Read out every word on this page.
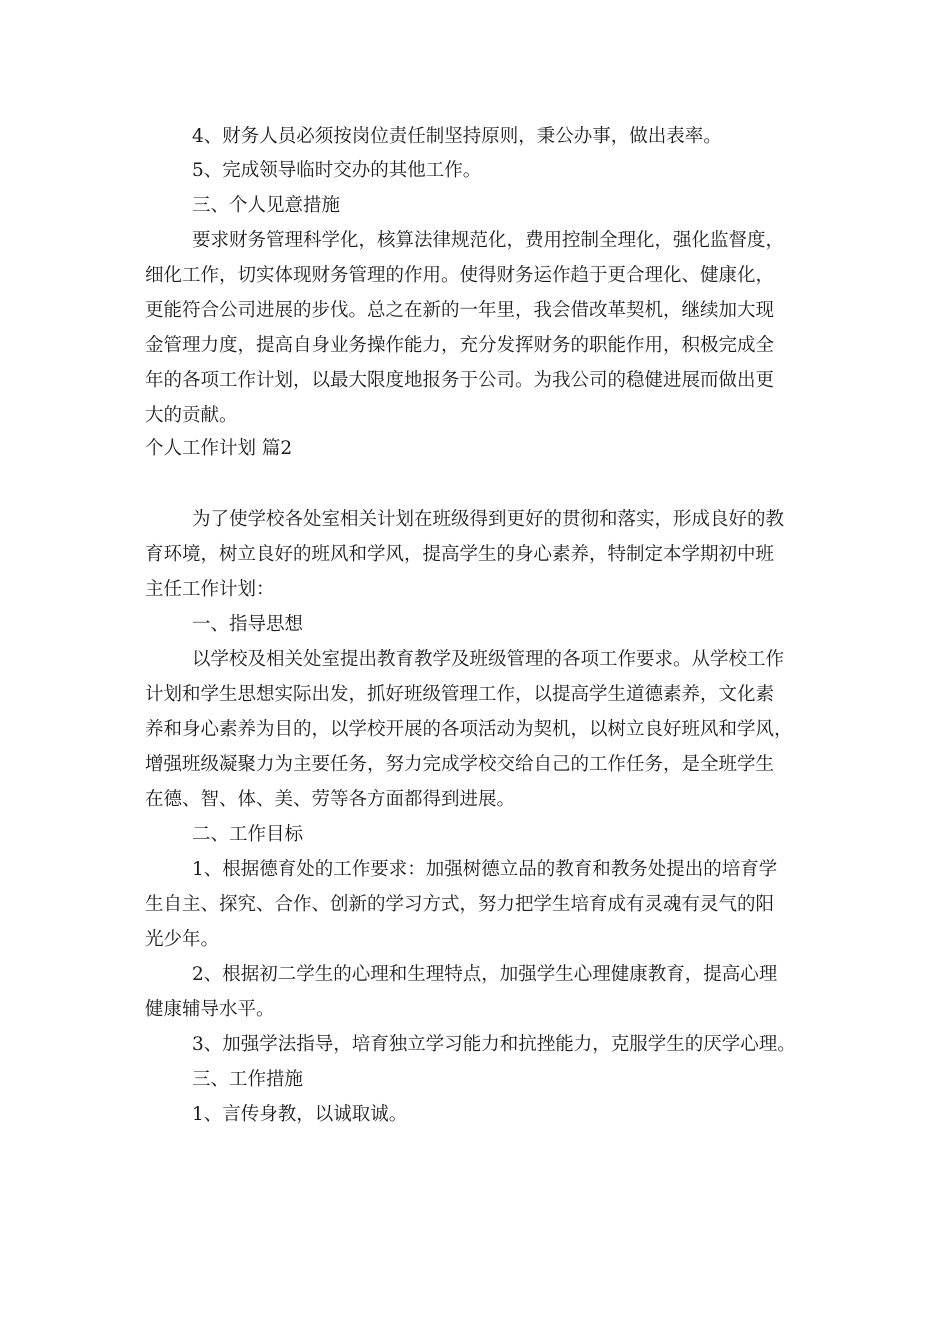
4、财务人员必须按岗位责任制坚持原则，秉公办事，做出表率。
5、完成领导临时交办的其他工作。
三、个人见意措施
要求财务管理科学化，核算法律规范化，费用控制全理化，强化监督度，
细化工作，切实体现财务管理的作用。使得财务运作趋于更合理化、健康化，
更能符合公司进展的步伐。总之在新的一年里，我会借改革契机，继续加大现
金管理力度，提高自身业务操作能力，充分发挥财务的职能作用，积极完成全
年的各项工作计划，以最大限度地报务于公司。为我公司的稳健进展而做出更
大的贡献。
个人工作计划 篇2
为了使学校各处室相关计划在班级得到更好的贯彻和落实，形成良好的教
育环境，树立良好的班风和学风，提高学生的身心素养，特制定本学期初中班
主任工作计划：
一、指导思想
以学校及相关处室提出教育教学及班级管理的各项工作要求。从学校工作
计划和学生思想实际出发，抓好班级管理工作，以提高学生道德素养，文化素
养和身心素养为目的，以学校开展的各项活动为契机，以树立良好班风和学风，
增强班级凝聚力为主要任务，努力完成学校交给自己的工作任务，是全班学生
在德、智、体、美、劳等各方面都得到进展。
二、工作目标
1、根据德育处的工作要求：加强树德立品的教育和教务处提出的培育学
生自主、探究、合作、创新的学习方式，努力把学生培育成有灵魂有灵气的阳
光少年。
2、根据初二学生的心理和生理特点，加强学生心理健康教育，提高心理
健康辅导水平。
3、加强学法指导，培育独立学习能力和抗挫能力，克服学生的厌学心理。
三、工作措施
1、言传身教，以诚取诚。
